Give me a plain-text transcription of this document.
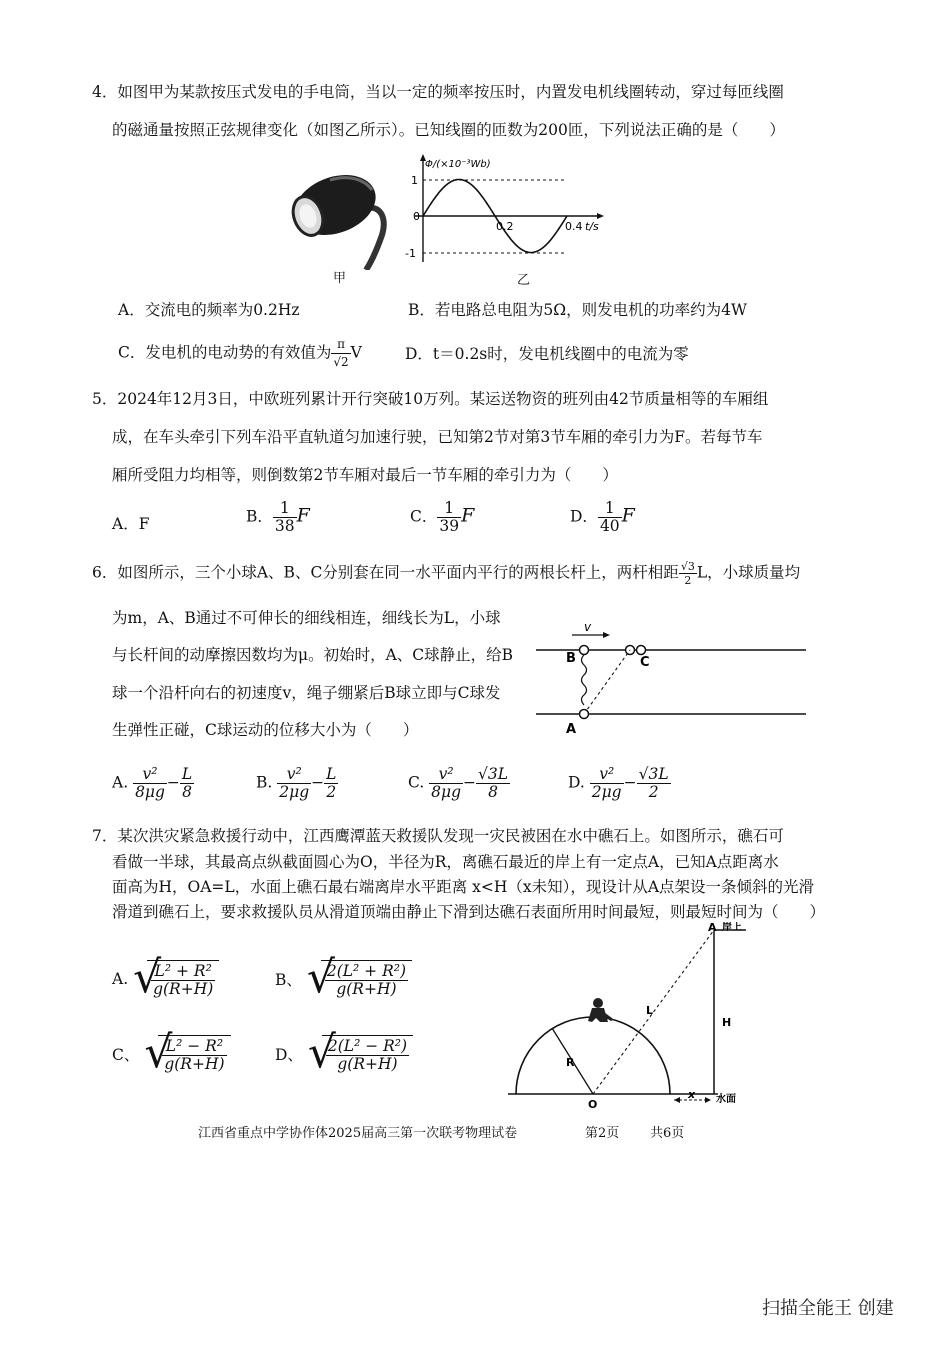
4．如图甲为某款按压式发电的手电筒，当以一定的频率按压时，内置发电机线圈转动，穿过每匝线圈
的磁通量按照正弦规律变化（如图乙所示）。已知线圈的匝数为200匝，下列说法正确的是（　　）
甲
Φ/(×10⁻³Wb)
1
0
-1
0.2	0.4 t/s
乙
A．交流电的频率为0.2Hz	B．若电路总电阻为5Ω，则发电机的功率约为4W
C．发电机的电动势的有效值为 $\frac{\pi}{√2}$ V	D．t＝0.2s时，发电机线圈中的电流为零
5．2024年12月3日，中欧班列累计开行突破10万列。某运送物资的班列由42节质量相等的车厢组
成，在车头牵引下列车沿平直轨道匀加速行驶，已知第2节对第3节车厢的牵引力为F。若每节车
厢所受阻力均相等，则倒数第2节车厢对最后一节车厢的牵引力为（　　）
A．F	B． $\frac{1}{38}$ F	C． $\frac{1}{39}$ F	D． $\frac{1}{40}$ F
6．如图所示，三个小球A、B、C分别套在同一水平面内平行的两根长杆上，两杆相距 $\frac{√3}{2}$ L，小球质量均
为m，A、B通过不可伸长的细线相连，细线长为L，小球
与长杆间的动摩擦因数均为μ。初始时，A、C球静止，给B
球一个沿杆向右的初速度v，绳子绷紧后B球立即与C球发
生弹性正碰，C球运动的位移大小为（　　）
v
B	C
A
A. $\frac{\text{v²}}{8\mu g} - \frac{L}{8}$	B. $\frac{\text{v²}}{2\mu g} - \frac{L}{2}$	C. $\frac{\text{v²}}{8\mu g} - \frac{√3L}{8}$	D. $\frac{\text{v²}}{2\mu g} - \frac{√3L}{2}$
7．某次洪灾紧急救援行动中，江西鹰潭蓝天救援队发现一灾民被困在水中礁石上。如图所示，礁石可
看做一半球，其最高点纵截面圆心为O，半径为R，离礁石最近的岸上有一定点A，已知A点距离水
面高为H，OA=L，水面上礁石最右端离岸水平距离 x<H（x未知），现设计从A点架设一条倾斜的光滑
滑道到礁石上，要求救援队员从滑道顶端由静止下滑到达礁石表面所用时间最短，则最短时间为（　　）
A. √
$\frac{\text{L² + R²}}{g(R+H)}$	B、 √
$\frac{\text{2(L² + R²)}}{g(R+H)}$
C、 √
$\frac{\text{L² − R²}}{g(R+H)}$	D、 √
$\frac{\text{2(L² − R²)}}{g(R+H)}$
A 岸上
L
H
R
O
x 水面
江西省重点中学协作体2025届高三第一次联考物理试卷	第2页 共6页
扫描全能王 创建
